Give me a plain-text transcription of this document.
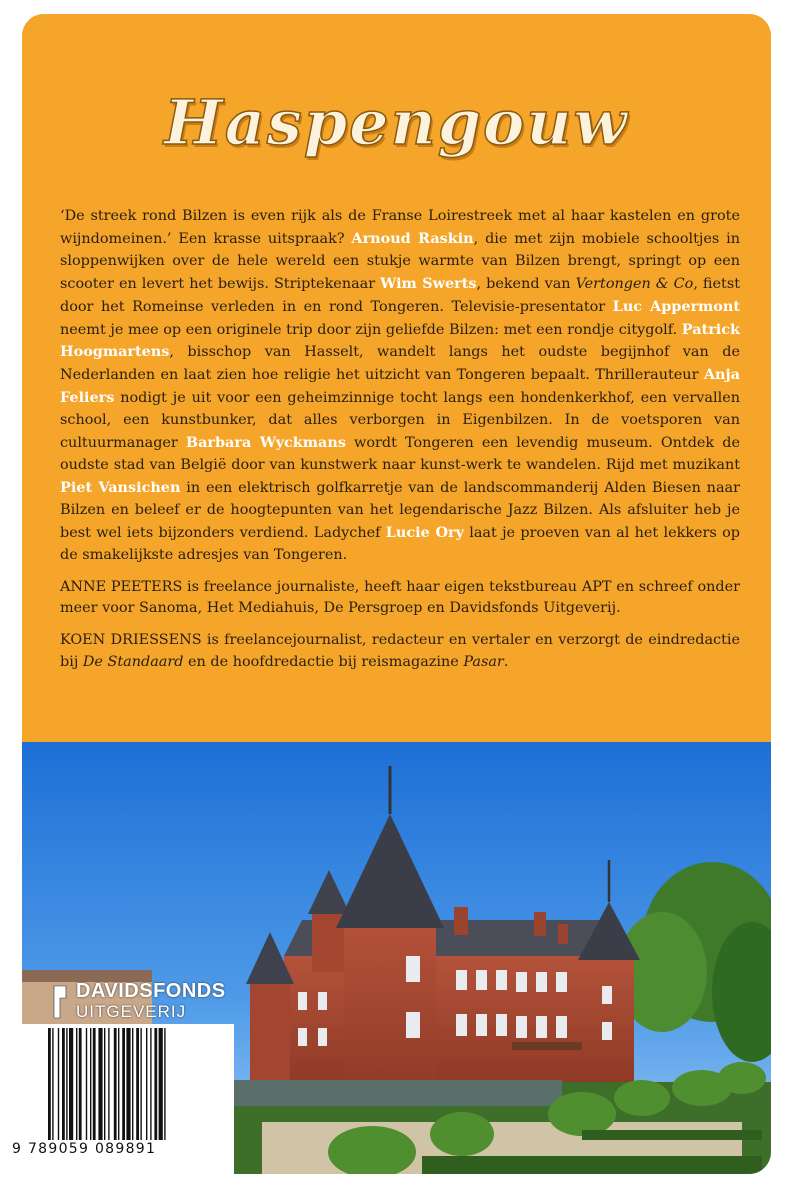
Haspengouw

‘De streek rond Bilzen is even rijk als de Franse Loirestreek met al haar kastelen en grote wijndomeinen.’ Een krasse uitspraak? Arnoud Raskin, die met zijn mobiele schooltjes in sloppenwijken over de hele wereld een stukje warmte van Bilzen brengt, springt op een scooter en levert het bewijs. Striptekenaar Wim Swerts, bekend van Vertongen & Co, fietst door het Romeinse verleden in en rond Tongeren. Televisie-presentator Luc Appermont neemt je mee op een originele trip door zijn geliefde Bilzen: met een rondje citygolf. Patrick Hoogmartens, bisschop van Hasselt, wandelt langs het oudste begijnhof van de Nederlanden en laat zien hoe religie het uitzicht van Tongeren bepaalt. Thrillerauteur Anja Feliers nodigt je uit voor een geheimzinnige tocht langs een hondenkerkhof, een vervallen school, een kunstbunker, dat alles verborgen in Eigenbilzen. In de voetsporen van cultuurmanager Barbara Wyckmans wordt Tongeren een levendig museum. Ontdek de oudste stad van België door van kunstwerk naar kunst-werk te wandelen. Rijd met muzikant Piet Vansichen in een elektrisch golfkarretje van de landscommanderij Alden Biesen naar Bilzen en beleef er de hoogtepunten van het legendarische Jazz Bilzen. Als afsluiter heb je best wel iets bijzonders verdiend. Ladychef Lucie Ory laat je proeven van al het lekkers op de smakelijkste adresjes van Tongeren.

ANNE PEETERS is freelance journaliste, heeft haar eigen tekstbureau APT en schreef onder meer voor Sanoma, Het Mediahuis, De Persgroep en Davidsfonds Uitgeverij.

KOEN DRIESSENS is freelancejournalist, redacteur en vertaler en verzorgt de eindredactie bij De Standaard en de hoofdredactie bij reismagazine Pasar.

DAVIDSFONDS
UITGEVERIJ
9 789059 089891
